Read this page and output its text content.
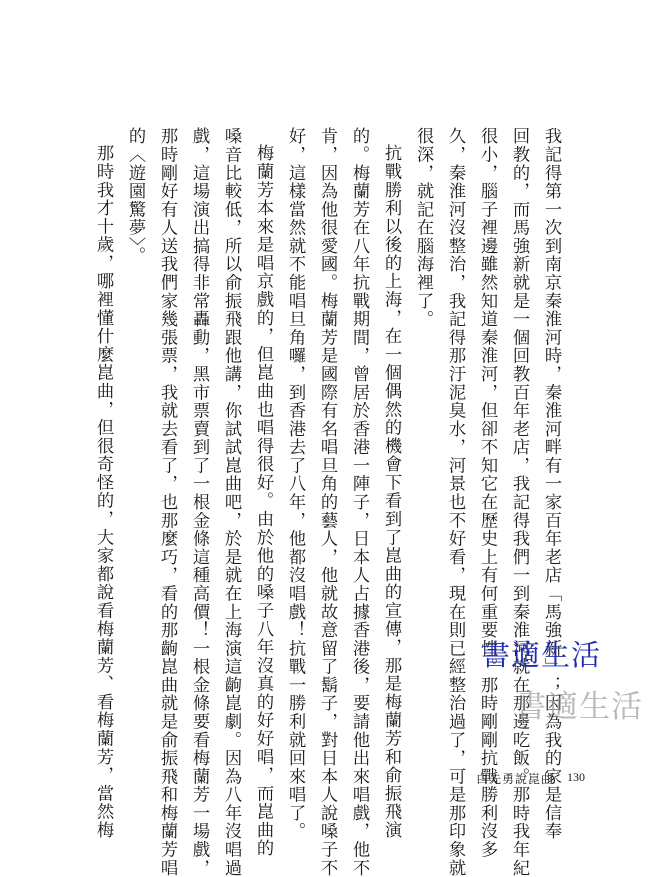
我記得第一次到南京秦淮河時，秦淮河畔有一家百年老店「馬強新」；因為我的家是信奉
回教的，而馬強新就是一個回教百年老店，我記得我們一到秦淮河就在那邊吃飯。那時我年紀
很小，腦子裡邊雖然知道秦淮河，但卻不知它在歷史上有何重要性。那時剛剛抗戰勝利沒多
久，秦淮河沒整治，我記得那汙泥臭水，河景也不好看，現在則已經整治過了，可是那印象就
很深，就記在腦海裡了。
抗戰勝利以後的上海，在一個偶然的機會下看到了崑曲的宣傳，那是梅蘭芳和俞振飛演
的。梅蘭芳在八年抗戰期間，曾居於香港一陣子，日本人占據香港後，要請他出來唱戲，他不
肯，因為他很愛國。梅蘭芳是國際有名唱旦角的藝人，他就故意留了鬍子，對日本人說嗓子不
好，這樣當然就不能唱旦角囉，到香港去了八年，他都沒唱戲！抗戰一勝利就回來唱了。
梅蘭芳本來是唱京戲的，但崑曲也唱得很好。由於他的嗓子八年沒真的好好唱，而崑曲的
嗓音比較低，所以俞振飛跟他講，你試試崑曲吧，於是就在上海演這齣崑劇。因為八年沒唱過
戲，這場演出搞得非常轟動，黑市票賣到了一根金條這種高價！一根金條要看梅蘭芳一場戲，
那時剛好有人送我們家幾張票，我就去看了，也那麼巧，看的那齣崑曲就是俞振飛和梅蘭芳唱
的〈遊園驚夢〉。
那時我才十歲，哪裡懂什麼崑曲，但很奇怪的，大家都說看梅蘭芳、看梅蘭芳，當然梅	書適生活
書適生活
白先勇說崑曲 130
